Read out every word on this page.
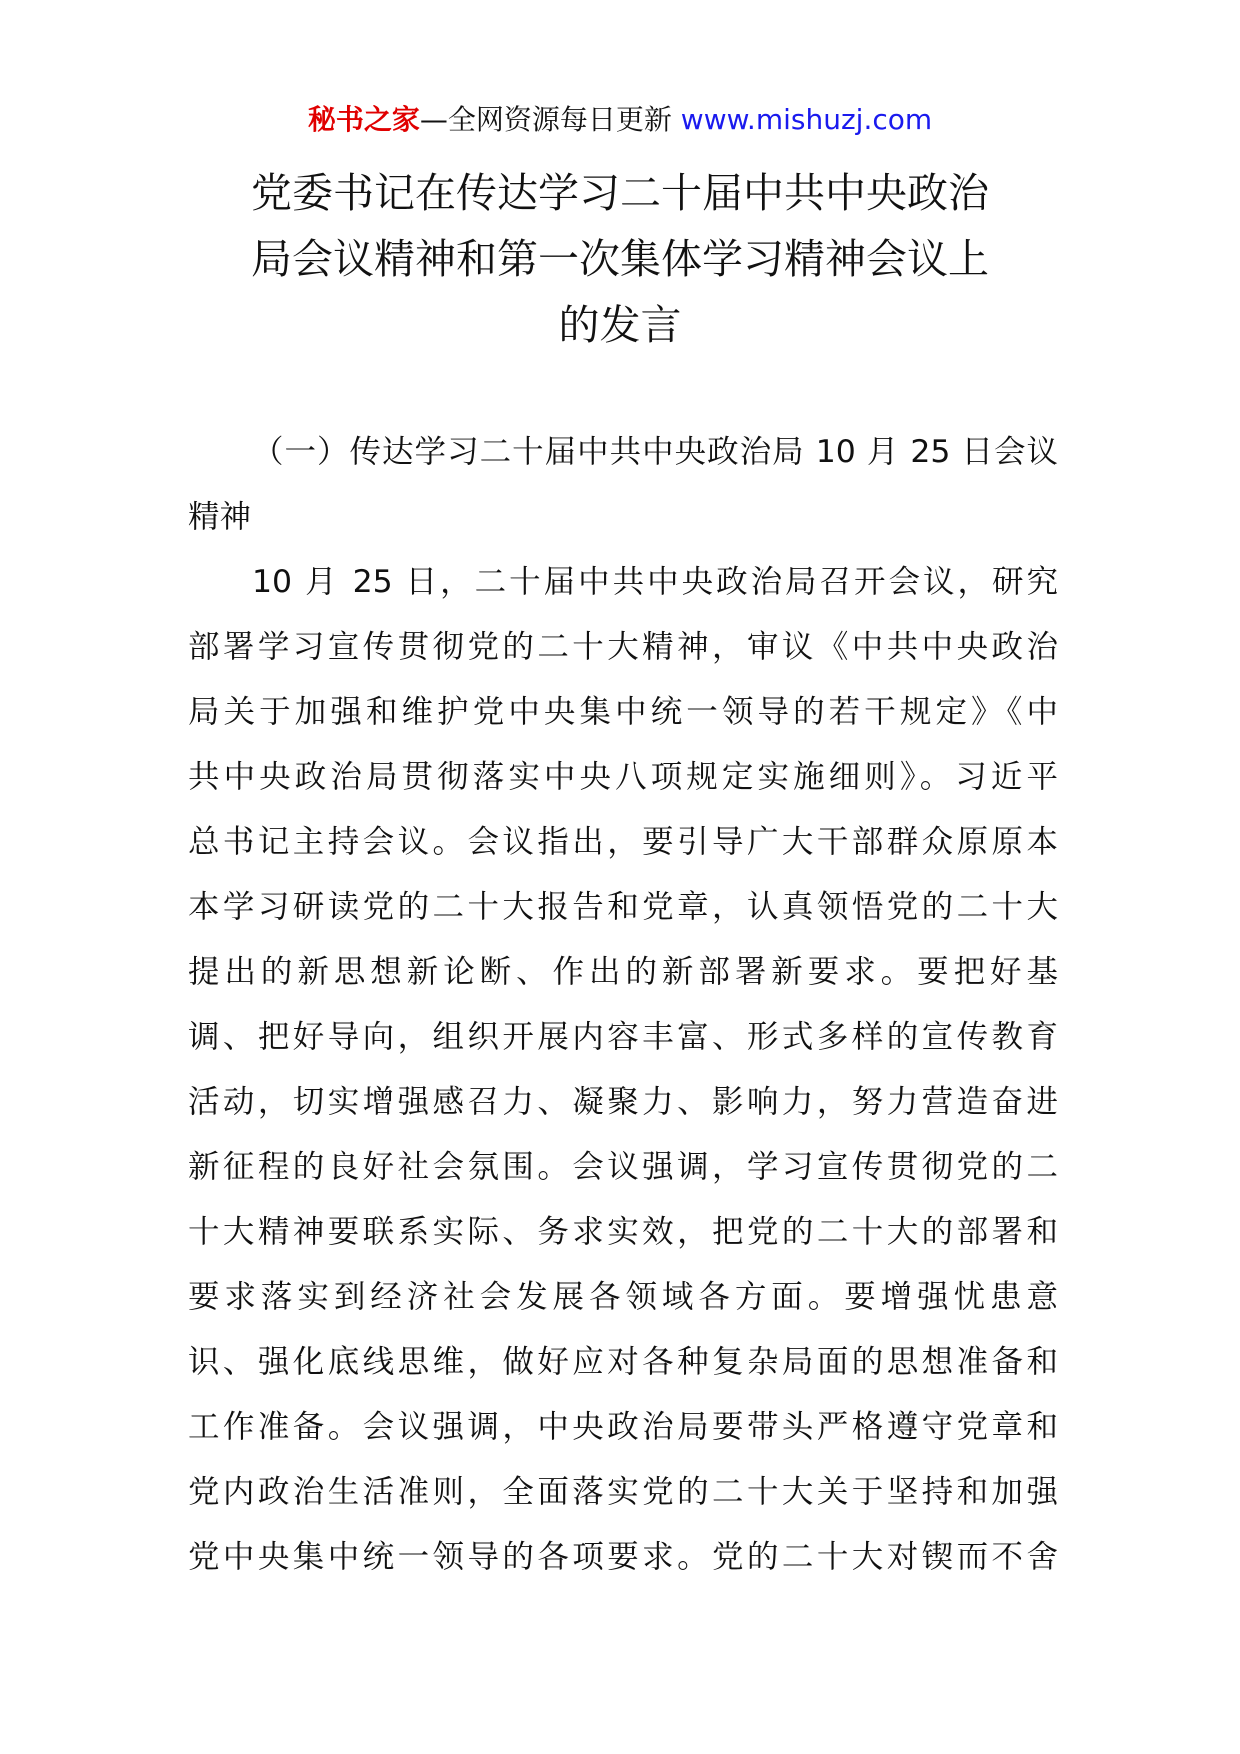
秘书之家—全网资源每日更新 www.mishuzj.com
党委书记在传达学习二十届中共中央政治
局会议精神和第一次集体学习精神会议上
的发言
（一）传达学习二十届中共中央政治局 10 月 25 日会议
精神
10 月 25 日，二十届中共中央政治局召开会议，研究
部署学习宣传贯彻党的二十大精神，审议《中共中央政治
局关于加强和维护党中央集中统一领导的若干规定》《中
共中央政治局贯彻落实中央八项规定实施细则》。习近平
总书记主持会议。会议指出，要引导广大干部群众原原本
本学习研读党的二十大报告和党章，认真领悟党的二十大
提出的新思想新论断、作出的新部署新要求。要把好基
调、把好导向，组织开展内容丰富、形式多样的宣传教育
活动，切实增强感召力、凝聚力、影响力，努力营造奋进
新征程的良好社会氛围。会议强调，学习宣传贯彻党的二
十大精神要联系实际、务求实效，把党的二十大的部署和
要求落实到经济社会发展各领域各方面。要增强忧患意
识、强化底线思维，做好应对各种复杂局面的思想准备和
工作准备。会议强调，中央政治局要带头严格遵守党章和
党内政治生活准则，全面落实党的二十大关于坚持和加强
党中央集中统一领导的各项要求。党的二十大对锲而不舍
